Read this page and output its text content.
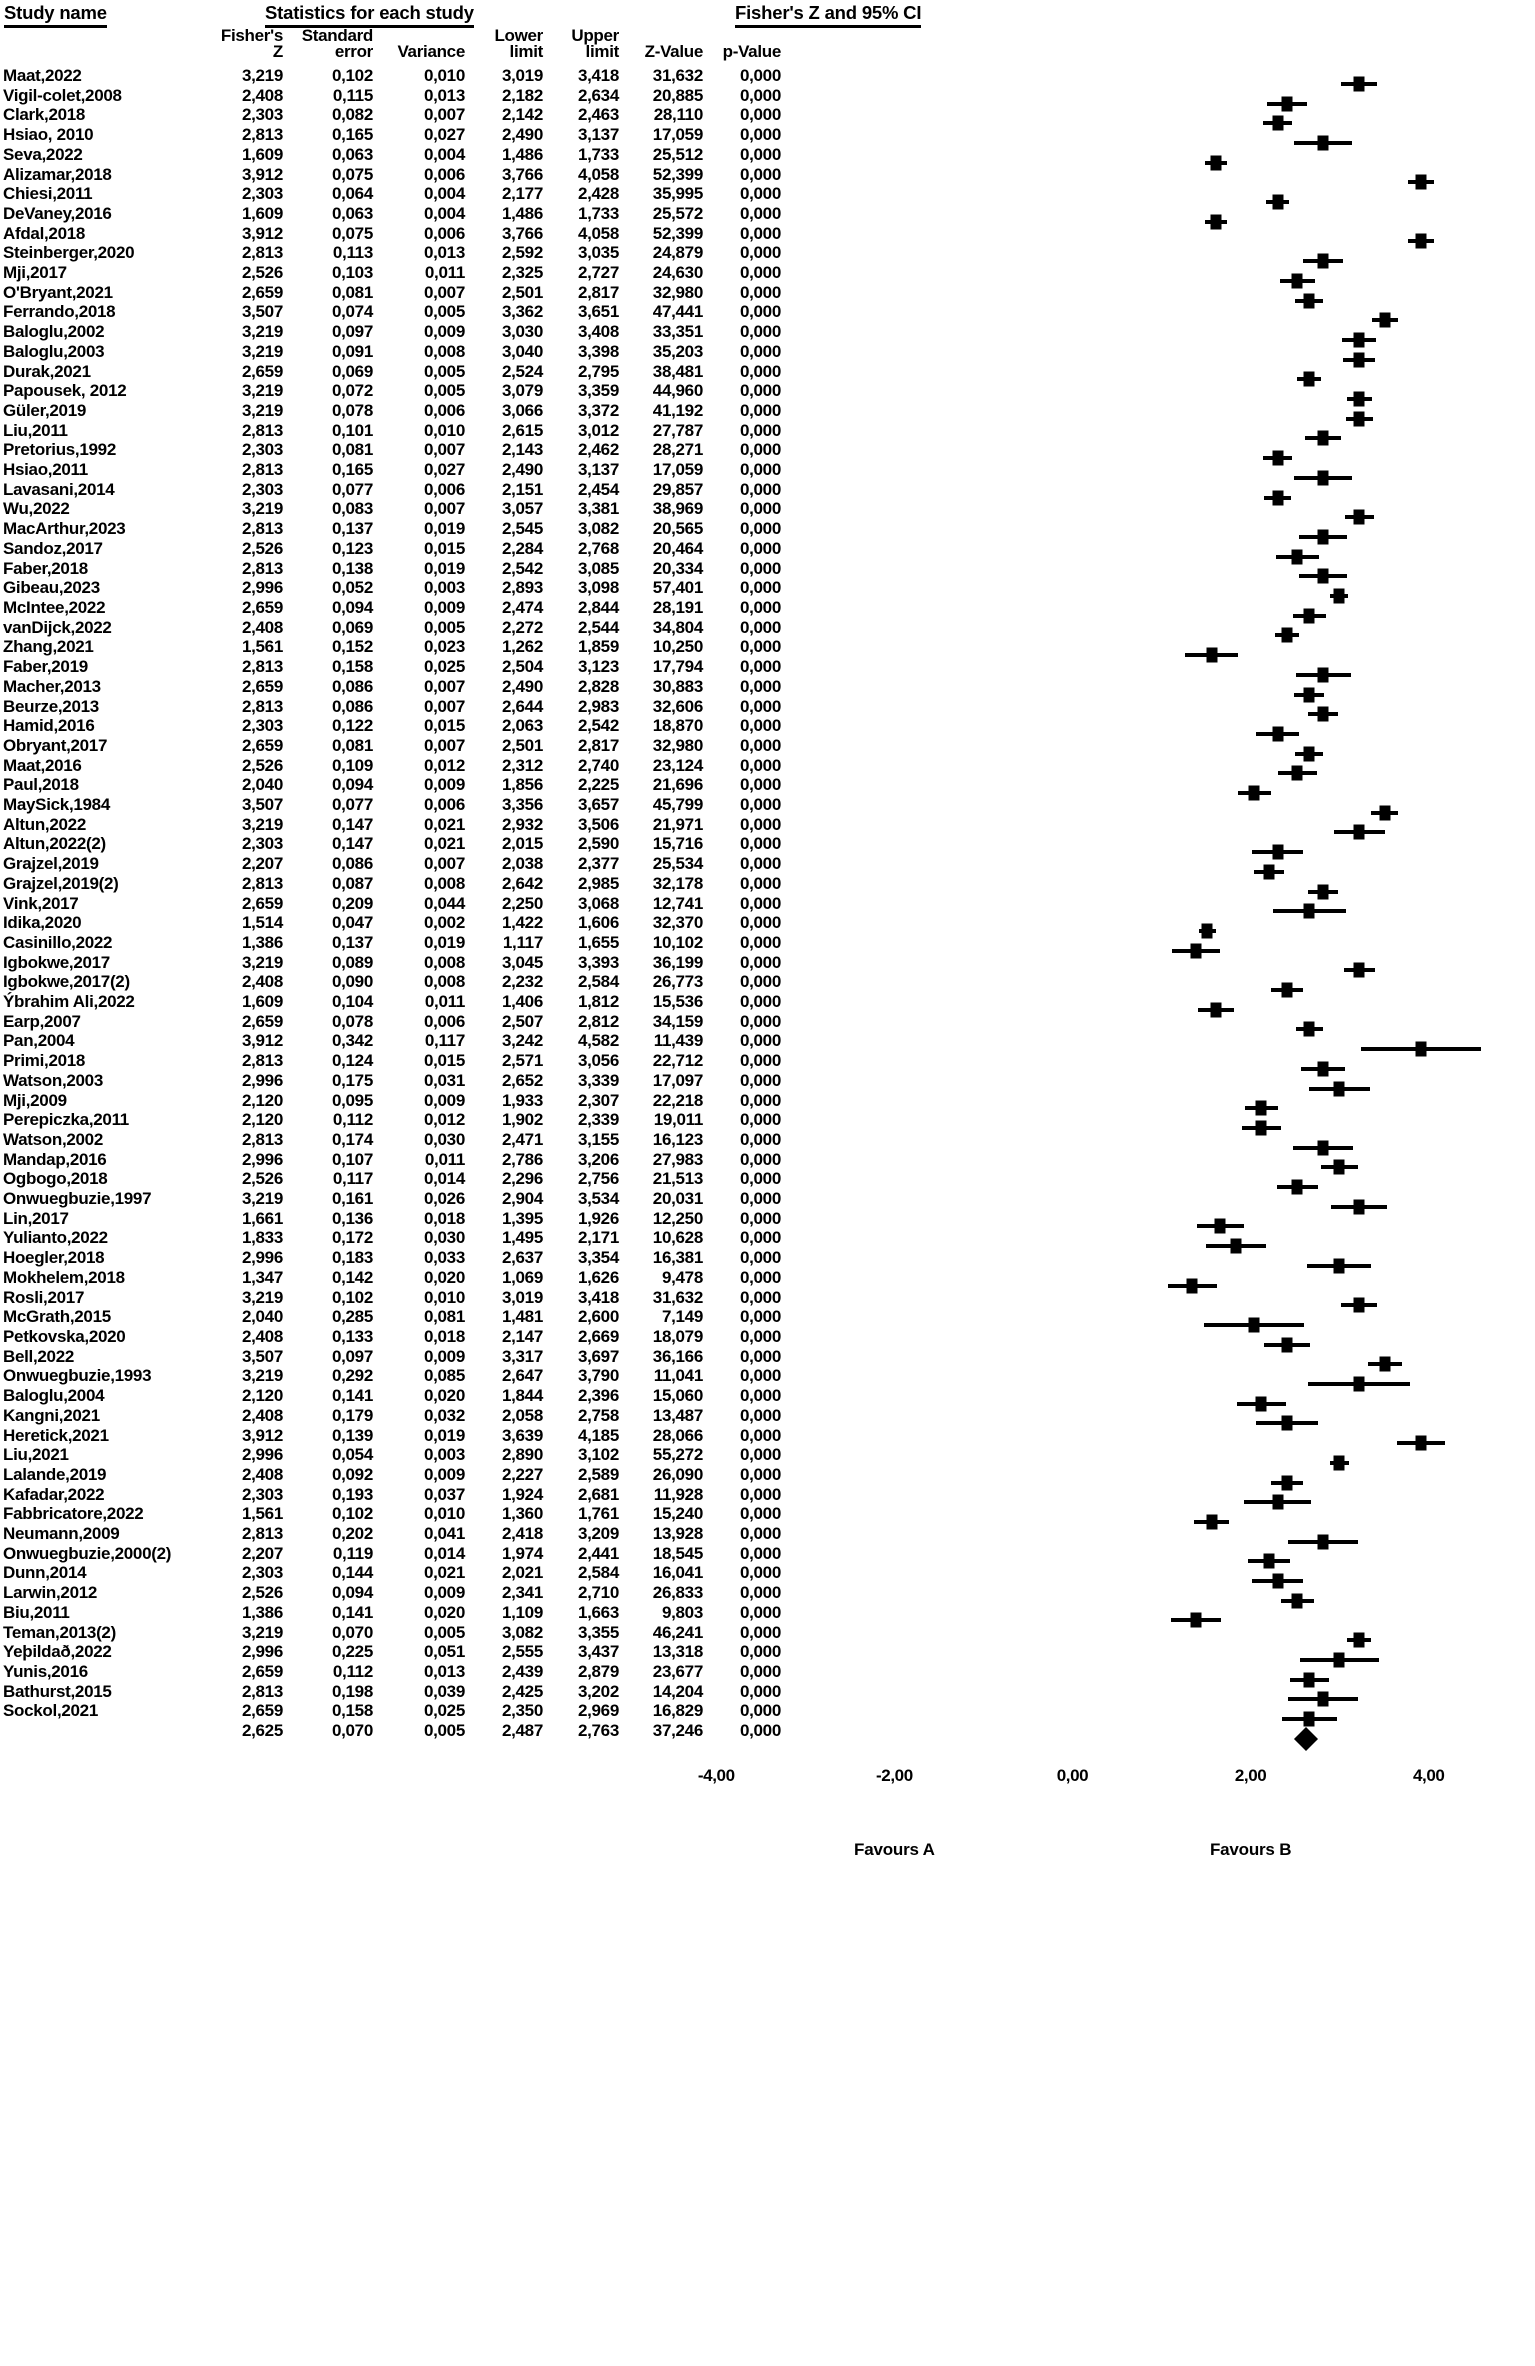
Study name	Statistics for each study	Fisher's Z and 95% CI

Fisher's
Z

Standard
error	Variance

Lower
limit

Upper
limit	Z-Value	p-Value

Maat,2022	3,219	0,102	0,010	3,019	3,418	31,632	0,000
Vigil-colet,2008	2,408	0,115	0,013	2,182	2,634	20,885	0,000
Clark,2018	2,303	0,082	0,007	2,142	2,463	28,110	0,000
Hsiao, 2010	2,813	0,165	0,027	2,490	3,137	17,059	0,000
Seva,2022	1,609	0,063	0,004	1,486	1,733	25,512	0,000
Alizamar,2018	3,912	0,075	0,006	3,766	4,058	52,399	0,000
Chiesi,2011	2,303	0,064	0,004	2,177	2,428	35,995	0,000
DeVaney,2016	1,609	0,063	0,004	1,486	1,733	25,572	0,000
Afdal,2018	3,912	0,075	0,006	3,766	4,058	52,399	0,000
Steinberger,2020	2,813	0,113	0,013	2,592	3,035	24,879	0,000
Mji,2017	2,526	0,103	0,011	2,325	2,727	24,630	0,000
O'Bryant,2021	2,659	0,081	0,007	2,501	2,817	32,980	0,000
Ferrando,2018	3,507	0,074	0,005	3,362	3,651	47,441	0,000
Baloglu,2002	3,219	0,097	0,009	3,030	3,408	33,351	0,000
Baloglu,2003	3,219	0,091	0,008	3,040	3,398	35,203	0,000
Durak,2021	2,659	0,069	0,005	2,524	2,795	38,481	0,000
Papousek, 2012	3,219	0,072	0,005	3,079	3,359	44,960	0,000
Güler,2019	3,219	0,078	0,006	3,066	3,372	41,192	0,000
Liu,2011	2,813	0,101	0,010	2,615	3,012	27,787	0,000
Pretorius,1992	2,303	0,081	0,007	2,143	2,462	28,271	0,000
Hsiao,2011	2,813	0,165	0,027	2,490	3,137	17,059	0,000
Lavasani,2014	2,303	0,077	0,006	2,151	2,454	29,857	0,000
Wu,2022	3,219	0,083	0,007	3,057	3,381	38,969	0,000
MacArthur,2023	2,813	0,137	0,019	2,545	3,082	20,565	0,000
Sandoz,2017	2,526	0,123	0,015	2,284	2,768	20,464	0,000
Faber,2018	2,813	0,138	0,019	2,542	3,085	20,334	0,000
Gibeau,2023	2,996	0,052	0,003	2,893	3,098	57,401	0,000
McIntee,2022	2,659	0,094	0,009	2,474	2,844	28,191	0,000
vanDijck,2022	2,408	0,069	0,005	2,272	2,544	34,804	0,000
Zhang,2021	1,561	0,152	0,023	1,262	1,859	10,250	0,000
Faber,2019	2,813	0,158	0,025	2,504	3,123	17,794	0,000
Macher,2013	2,659	0,086	0,007	2,490	2,828	30,883	0,000
Beurze,2013	2,813	0,086	0,007	2,644	2,983	32,606	0,000
Hamid,2016	2,303	0,122	0,015	2,063	2,542	18,870	0,000
Obryant,2017	2,659	0,081	0,007	2,501	2,817	32,980	0,000
Maat,2016	2,526	0,109	0,012	2,312	2,740	23,124	0,000
Paul,2018	2,040	0,094	0,009	1,856	2,225	21,696	0,000
MaySick,1984	3,507	0,077	0,006	3,356	3,657	45,799	0,000
Altun,2022	3,219	0,147	0,021	2,932	3,506	21,971	0,000
Altun,2022(2)	2,303	0,147	0,021	2,015	2,590	15,716	0,000
Grajzel,2019	2,207	0,086	0,007	2,038	2,377	25,534	0,000
Grajzel,2019(2)	2,813	0,087	0,008	2,642	2,985	32,178	0,000
Vink,2017	2,659	0,209	0,044	2,250	3,068	12,741	0,000
Idika,2020	1,514	0,047	0,002	1,422	1,606	32,370	0,000
Casinillo,2022	1,386	0,137	0,019	1,117	1,655	10,102	0,000
Igbokwe,2017	3,219	0,089	0,008	3,045	3,393	36,199	0,000
Igbokwe,2017(2)	2,408	0,090	0,008	2,232	2,584	26,773	0,000
Ýbrahim Ali,2022	1,609	0,104	0,011	1,406	1,812	15,536	0,000
Earp,2007	2,659	0,078	0,006	2,507	2,812	34,159	0,000
Pan,2004	3,912	0,342	0,117	3,242	4,582	11,439	0,000
Primi,2018	2,813	0,124	0,015	2,571	3,056	22,712	0,000
Watson,2003	2,996	0,175	0,031	2,652	3,339	17,097	0,000
Mji,2009	2,120	0,095	0,009	1,933	2,307	22,218	0,000
Perepiczka,2011	2,120	0,112	0,012	1,902	2,339	19,011	0,000
Watson,2002	2,813	0,174	0,030	2,471	3,155	16,123	0,000
Mandap,2016	2,996	0,107	0,011	2,786	3,206	27,983	0,000
Ogbogo,2018	2,526	0,117	0,014	2,296	2,756	21,513	0,000
Onwuegbuzie,1997	3,219	0,161	0,026	2,904	3,534	20,031	0,000
Lin,2017	1,661	0,136	0,018	1,395	1,926	12,250	0,000
Yulianto,2022	1,833	0,172	0,030	1,495	2,171	10,628	0,000
Hoegler,2018	2,996	0,183	0,033	2,637	3,354	16,381	0,000
Mokhelem,2018	1,347	0,142	0,020	1,069	1,626	9,478	0,000
Rosli,2017	3,219	0,102	0,010	3,019	3,418	31,632	0,000
McGrath,2015	2,040	0,285	0,081	1,481	2,600	7,149	0,000
Petkovska,2020	2,408	0,133	0,018	2,147	2,669	18,079	0,000
Bell,2022	3,507	0,097	0,009	3,317	3,697	36,166	0,000
Onwuegbuzie,1993	3,219	0,292	0,085	2,647	3,790	11,041	0,000
Baloglu,2004	2,120	0,141	0,020	1,844	2,396	15,060	0,000
Kangni,2021	2,408	0,179	0,032	2,058	2,758	13,487	0,000
Heretick,2021	3,912	0,139	0,019	3,639	4,185	28,066	0,000
Liu,2021	2,996	0,054	0,003	2,890	3,102	55,272	0,000
Lalande,2019	2,408	0,092	0,009	2,227	2,589	26,090	0,000
Kafadar,2022	2,303	0,193	0,037	1,924	2,681	11,928	0,000
Fabbricatore,2022	1,561	0,102	0,010	1,360	1,761	15,240	0,000
Neumann,2009	2,813	0,202	0,041	2,418	3,209	13,928	0,000
Onwuegbuzie,2000(2)	2,207	0,119	0,014	1,974	2,441	18,545	0,000
Dunn,2014	2,303	0,144	0,021	2,021	2,584	16,041	0,000
Larwin,2012	2,526	0,094	0,009	2,341	2,710	26,833	0,000
Biu,2011	1,386	0,141	0,020	1,109	1,663	9,803	0,000
Teman,2013(2)	3,219	0,070	0,005	3,082	3,355	46,241	0,000
Yeþildað,2022	2,996	0,225	0,051	2,555	3,437	13,318	0,000
Yunis,2016	2,659	0,112	0,013	2,439	2,879	23,677	0,000
Bathurst,2015	2,813	0,198	0,039	2,425	3,202	14,204	0,000
Sockol,2021	2,659	0,158	0,025	2,350	2,969	16,829	0,000
	2,625	0,070	0,005	2,487	2,763	37,246	0,000
-4,00	-2,00	0,00	2,00	4,00
Favours A	Favours B
